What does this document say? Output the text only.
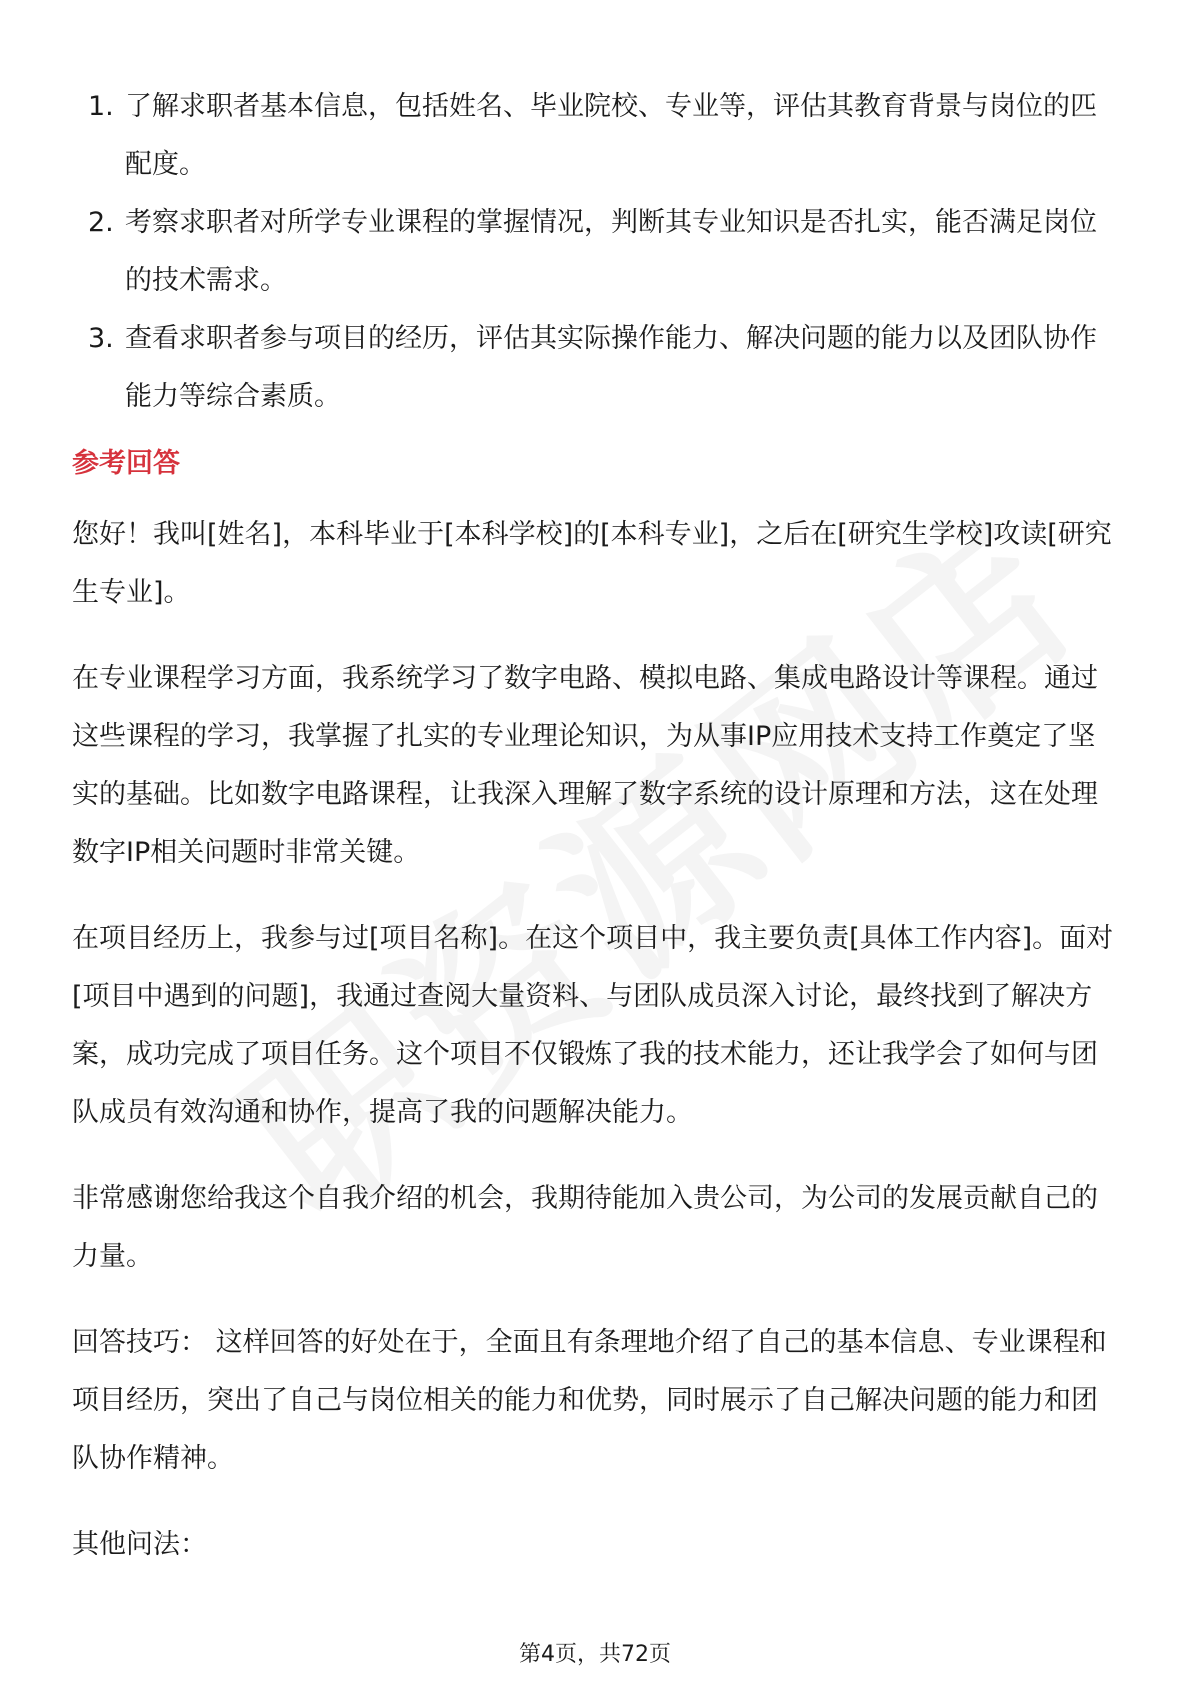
1. 了解求职者基本信息，包括姓名、毕业院校、专业等，评估其教育背景与岗位的匹配度。
2. 考察求职者对所学专业课程的掌握情况，判断其专业知识是否扎实，能否满足岗位的技术需求。
3. 查看求职者参与项目的经历，评估其实际操作能力、解决问题的能力以及团队协作能力等综合素质。
参考回答

您好！我叫[姓名]，本科毕业于[本科学校]的[本科专业]，之后在[研究生学校]攻读[研究生专业]。

在专业课程学习方面，我系统学习了数字电路、模拟电路、集成电路设计等课程。通过这些课程的学习，我掌握了扎实的专业理论知识，为从事IP应用技术支持工作奠定了坚实的基础。比如数字电路课程，让我深入理解了数字系统的设计原理和方法，这在处理数字IP相关问题时非常关键。

在项目经历上，我参与过[项目名称]。在这个项目中，我主要负责[具体工作内容]。面对[项目中遇到的问题]，我通过查阅大量资料、与团队成员深入讨论，最终找到了解决方案，成功完成了项目任务。这个项目不仅锻炼了我的技术能力，还让我学会了如何与团队成员有效沟通和协作，提高了我的问题解决能力。

非常感谢您给我这个自我介绍的机会，我期待能加入贵公司，为公司的发展贡献自己的力量。

回答技巧： 这样回答的好处在于，全面且有条理地介绍了自己的基本信息、专业课程和项目经历，突出了自己与岗位相关的能力和优势，同时展示了自己解决问题的能力和团队协作精神。

其他问法：

第4页，共72页
